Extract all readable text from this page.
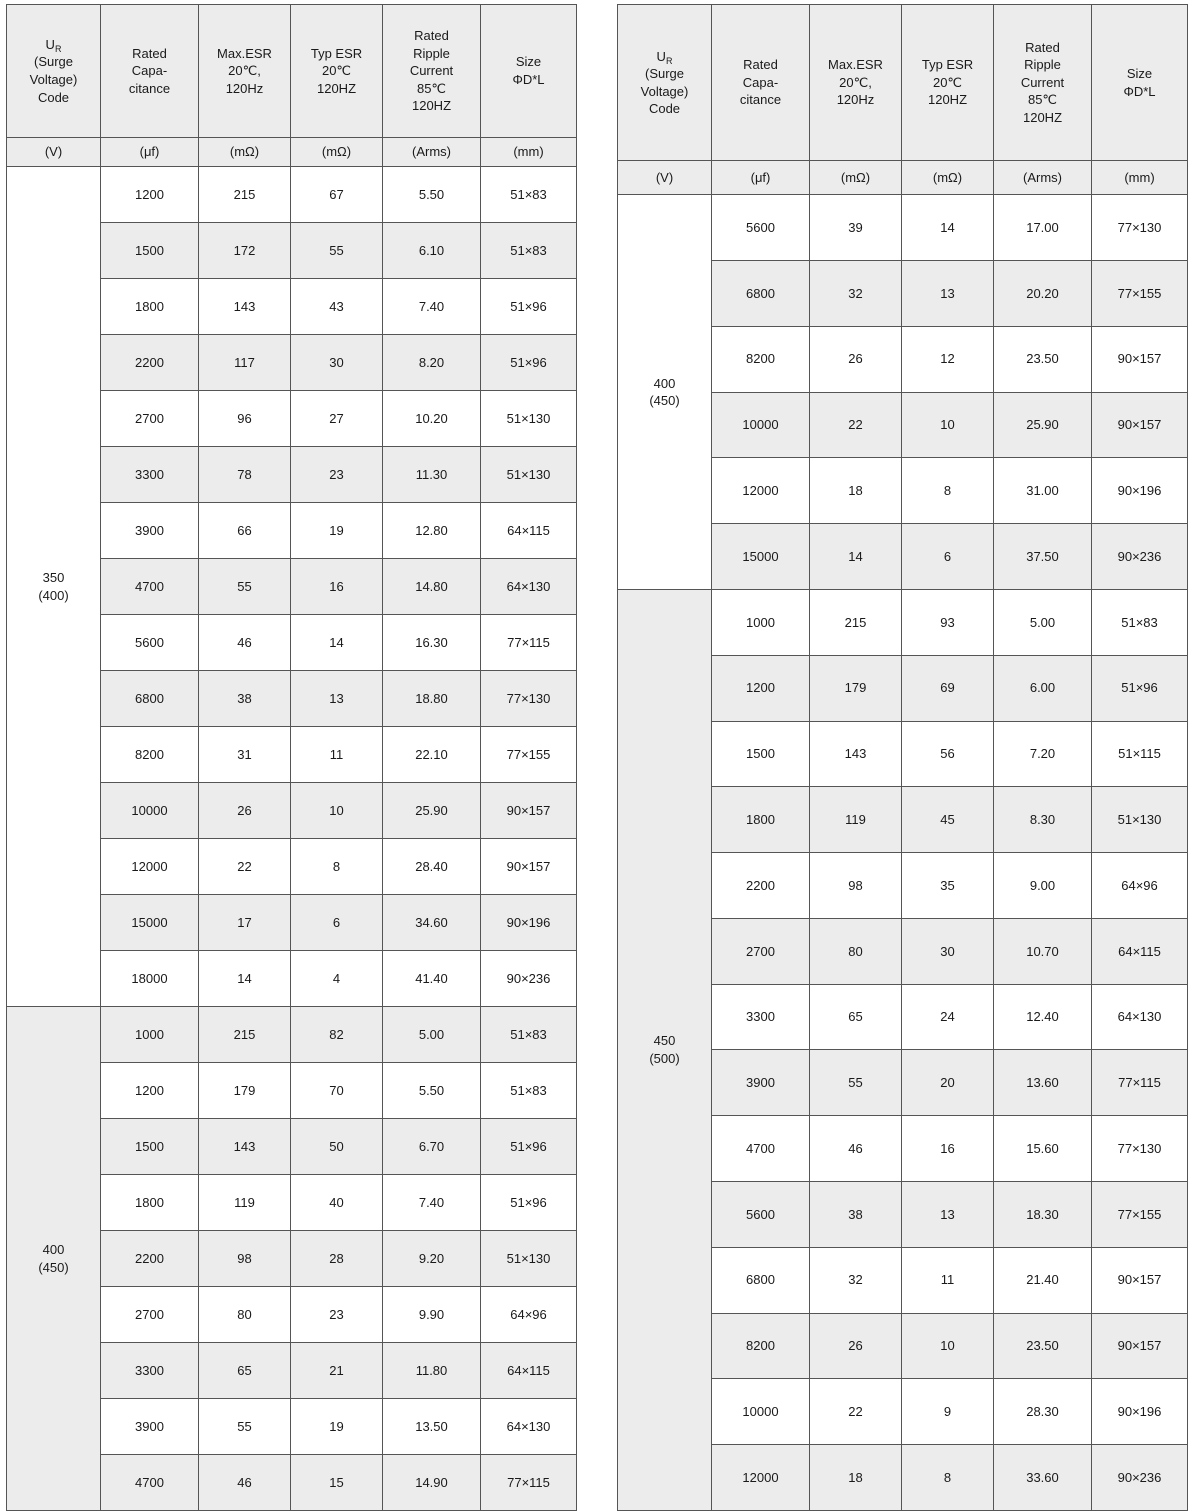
$U_R$
(Surge
Voltage)
Code

Rated
Capa-
citance

Max.ESR
20℃,
120Hz

Typ ESR
20℃
120HZ

Rated
Ripple
Current
85℃
120HZ

Size
ΦD*L

(V)	(μf)	(mΩ)	(mΩ)	(Arms)	(mm)

350
(400)	1200	215	67	5.50	51×83
	1500	172	55	6.10	51×83
	1800	143	43	7.40	51×96
	2200	117	30	8.20	51×96
	2700	96	27	10.20	51×130
	3300	78	23	11.30	51×130
	3900	66	19	12.80	64×115
	4700	55	16	14.80	64×130
	5600	46	14	16.30	77×115
	6800	38	13	18.80	77×130
	8200	31	11	22.10	77×155
	10000	26	10	25.90	90×157
	12000	22	8	28.40	90×157
	15000	17	6	34.60	90×196
	18000	14	4	41.40	90×236

400
(450)	1000	215	82	5.00	51×83
	1200	179	70	5.50	51×83
	1500	143	50	6.70	51×96
	1800	119	40	7.40	51×96
	2200	98	28	9.20	51×130
	2700	80	23	9.90	64×96
	3300	65	21	11.80	64×115
	3900	55	19	13.50	64×130
	4700	46	15	14.90	77×115
$U_R$
(Surge
Voltage)
Code

Rated
Capa-
citance

Max.ESR
20℃,
120Hz

Typ ESR
20℃
120HZ

Rated
Ripple
Current
85℃
120HZ

Size
ΦD*L

(V)	(μf)	(mΩ)	(mΩ)	(Arms)	(mm)

400
(450)	5600	39	14	17.00	77×130
	6800	32	13	20.20	77×155
	8200	26	12	23.50	90×157
	10000	22	10	25.90	90×157
	12000	18	8	31.00	90×196
	15000	14	6	37.50	90×236

450
(500)	1000	215	93	5.00	51×83
	1200	179	69	6.00	51×96
	1500	143	56	7.20	51×115
	1800	119	45	8.30	51×130
	2200	98	35	9.00	64×96
	2700	80	30	10.70	64×115
	3300	65	24	12.40	64×130
	3900	55	20	13.60	77×115
	4700	46	16	15.60	77×130
	5600	38	13	18.30	77×155
	6800	32	11	21.40	90×157
	8200	26	10	23.50	90×157
	10000	22	9	28.30	90×196
	12000	18	8	33.60	90×236
